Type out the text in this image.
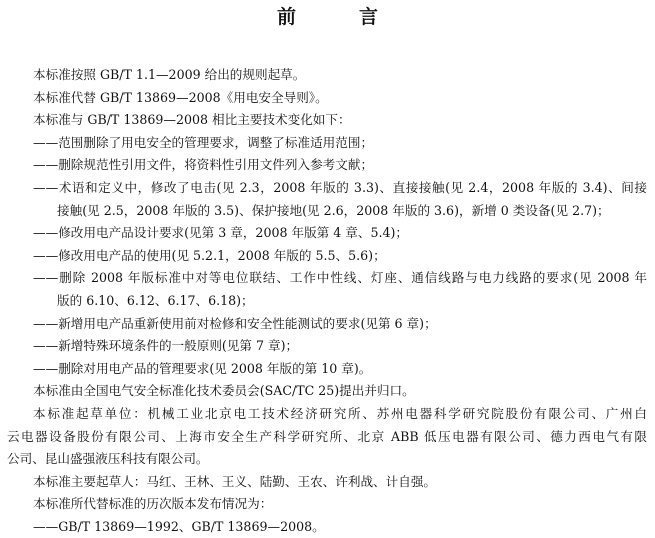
前　言

本标准按照 GB/T 1.1—2009 给出的规则起草。

本标准代替 GB/T 13869—2008《用电安全导则》。

本标准与 GB/T 13869—2008 相比主要技术变化如下：

——范围删除了用电安全的管理要求，调整了标准适用范围；

——删除规范性引用文件，将资料性引用文件列入参考文献；

——术语和定义中，修改了电击(见 2.3，2008 年版的 3.3)、直接接触(见 2.4，2008 年版的 3.4)、间接

接触(见 2.5，2008 年版的 3.5)、保护接地(见 2.6，2008 年版的 3.6)，新增 0 类设备(见 2.7)；

——修改用电产品设计要求(见第 3 章，2008 年版第 4 章、5.4)；

——修改用电产品的使用(见 5.2.1，2008 年版的 5.5、5.6)；

——删除 2008 年版标准中对等电位联结、工作中性线、灯座、通信线路与电力线路的要求(见 2008 年

版的 6.10、6.12、6.17、6.18)；

——新增用电产品重新使用前对检修和安全性能测试的要求(见第 6 章)；

——新增特殊环境条件的一般原则(见第 7 章)；

——删除对用电产品的管理要求(见 2008 年版的第 10 章)。

本标准由全国电气安全标准化技术委员会(SAC/TC 25)提出并归口。

本标准起草单位：机械工业北京电工技术经济研究所、苏州电器科学研究院股份有限公司、广州白

云电器设备股份有限公司、上海市安全生产科学研究所、北京 ABB 低压电器有限公司、德力西电气有限

公司、昆山盛强液压科技有限公司。

本标准主要起草人：马红、王林、王义、陆勤、王农、许利战、计自强。

本标准所代替标准的历次版本发布情况为：

——GB/T 13869—1992、GB/T 13869—2008。
